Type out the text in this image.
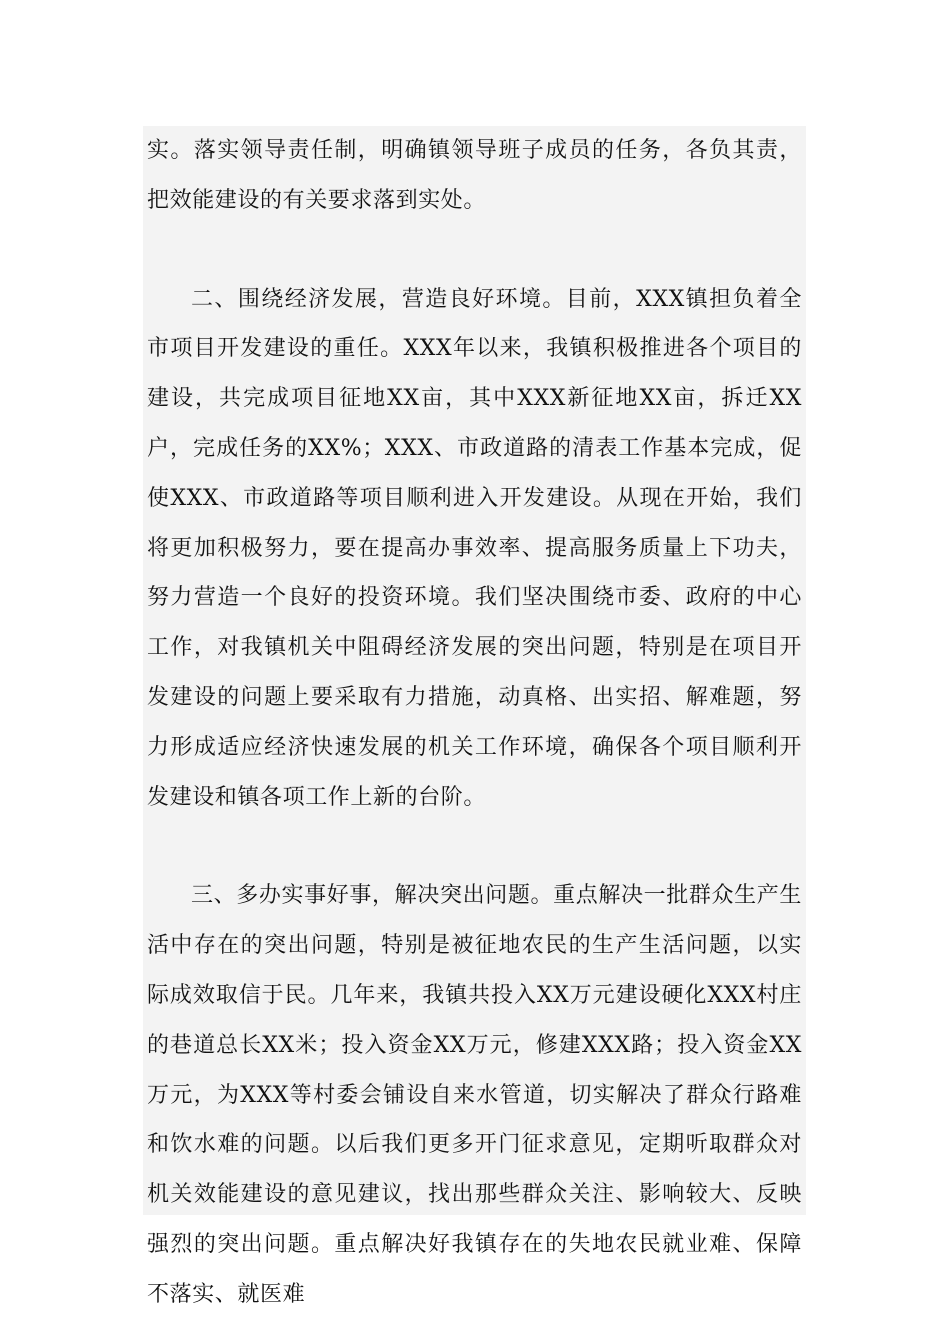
实。落实领导责任制，明确镇领导班子成员的任务，各负其责，把效能建设的有关要求落到实处。

二、围绕经济发展，营造良好环境。目前，XXX镇担负着全市项目开发建设的重任。XXX年以来，我镇积极推进各个项目的建设，共完成项目征地XX亩，其中XXX新征地XX亩，拆迁XX户，完成任务的XX%；XXX、市政道路的清表工作基本完成，促使XXX、市政道路等项目顺利进入开发建设。从现在开始，我们将更加积极努力，要在提高办事效率、提高服务质量上下功夫，努力营造一个良好的投资环境。我们坚决围绕市委、政府的中心工作，对我镇机关中阻碍经济发展的突出问题，特别是在项目开发建设的问题上要采取有力措施，动真格、出实招、解难题，努力形成适应经济快速发展的机关工作环境，确保各个项目顺利开发建设和镇各项工作上新的台阶。

三、多办实事好事，解决突出问题。重点解决一批群众生产生活中存在的突出问题，特别是被征地农民的生产生活问题，以实际成效取信于民。几年来，我镇共投入XX万元建设硬化XXX村庄的巷道总长XX米；投入资金XX万元，修建XXX路；投入资金XX万元，为XXX等村委会铺设自来水管道，切实解决了群众行路难和饮水难的问题。以后我们更多开门征求意见，定期听取群众对机关效能建设的意见建议，找出那些群众关注、影响较大、反映强烈的突出问题。重点解决好我镇存在的失地农民就业难、保障不落实、就医难
